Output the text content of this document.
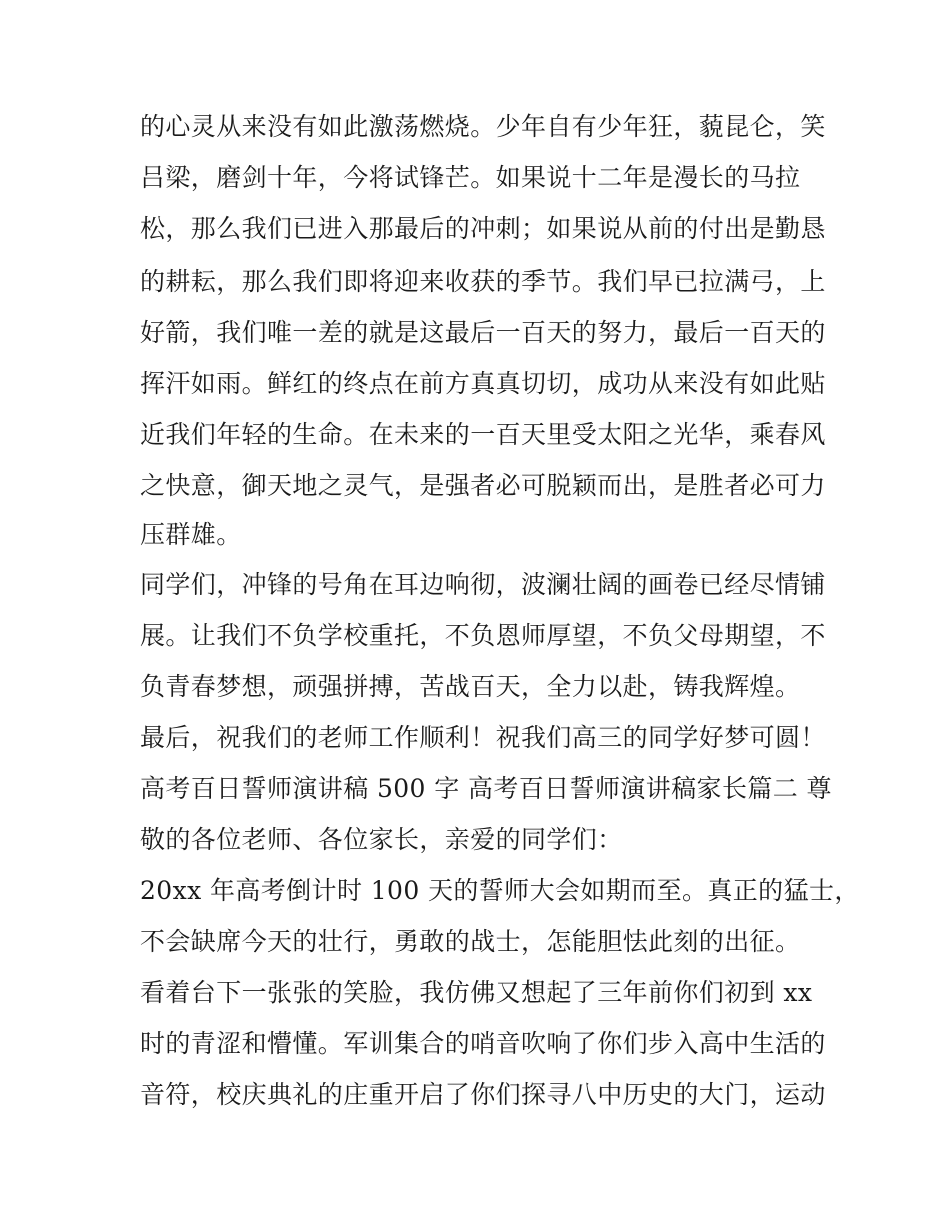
的心灵从来没有如此激荡燃烧。少年自有少年狂，藐昆仑，笑
吕梁，磨剑十年，今将试锋芒。如果说十二年是漫长的马拉
松，那么我们已进入那最后的冲刺；如果说从前的付出是勤恳
的耕耘，那么我们即将迎来收获的季节。我们早已拉满弓，上
好箭，我们唯一差的就是这最后一百天的努力，最后一百天的
挥汗如雨。鲜红的终点在前方真真切切，成功从来没有如此贴
近我们年轻的生命。在未来的一百天里受太阳之光华，乘春风
之快意，御天地之灵气，是强者必可脱颖而出，是胜者必可力
压群雄。
同学们，冲锋的号角在耳边响彻，波澜壮阔的画卷已经尽情铺
展。让我们不负学校重托，不负恩师厚望，不负父母期望，不
负青春梦想，顽强拼搏，苦战百天，全力以赴，铸我辉煌。
最后，祝我们的老师工作顺利！祝我们高三的同学好梦可圆！
高考百日誓师演讲稿 500 字 高考百日誓师演讲稿家长篇二 尊
敬的各位老师、各位家长，亲爱的同学们：
20xx 年高考倒计时 100 天的誓师大会如期而至。真正的猛士，
不会缺席今天的壮行，勇敢的战士，怎能胆怯此刻的出征。
看着台下一张张的笑脸，我仿佛又想起了三年前你们初到 xx
时的青涩和懵懂。军训集合的哨音吹响了你们步入高中生活的
音符，校庆典礼的庄重开启了你们探寻八中历史的大门，运动
